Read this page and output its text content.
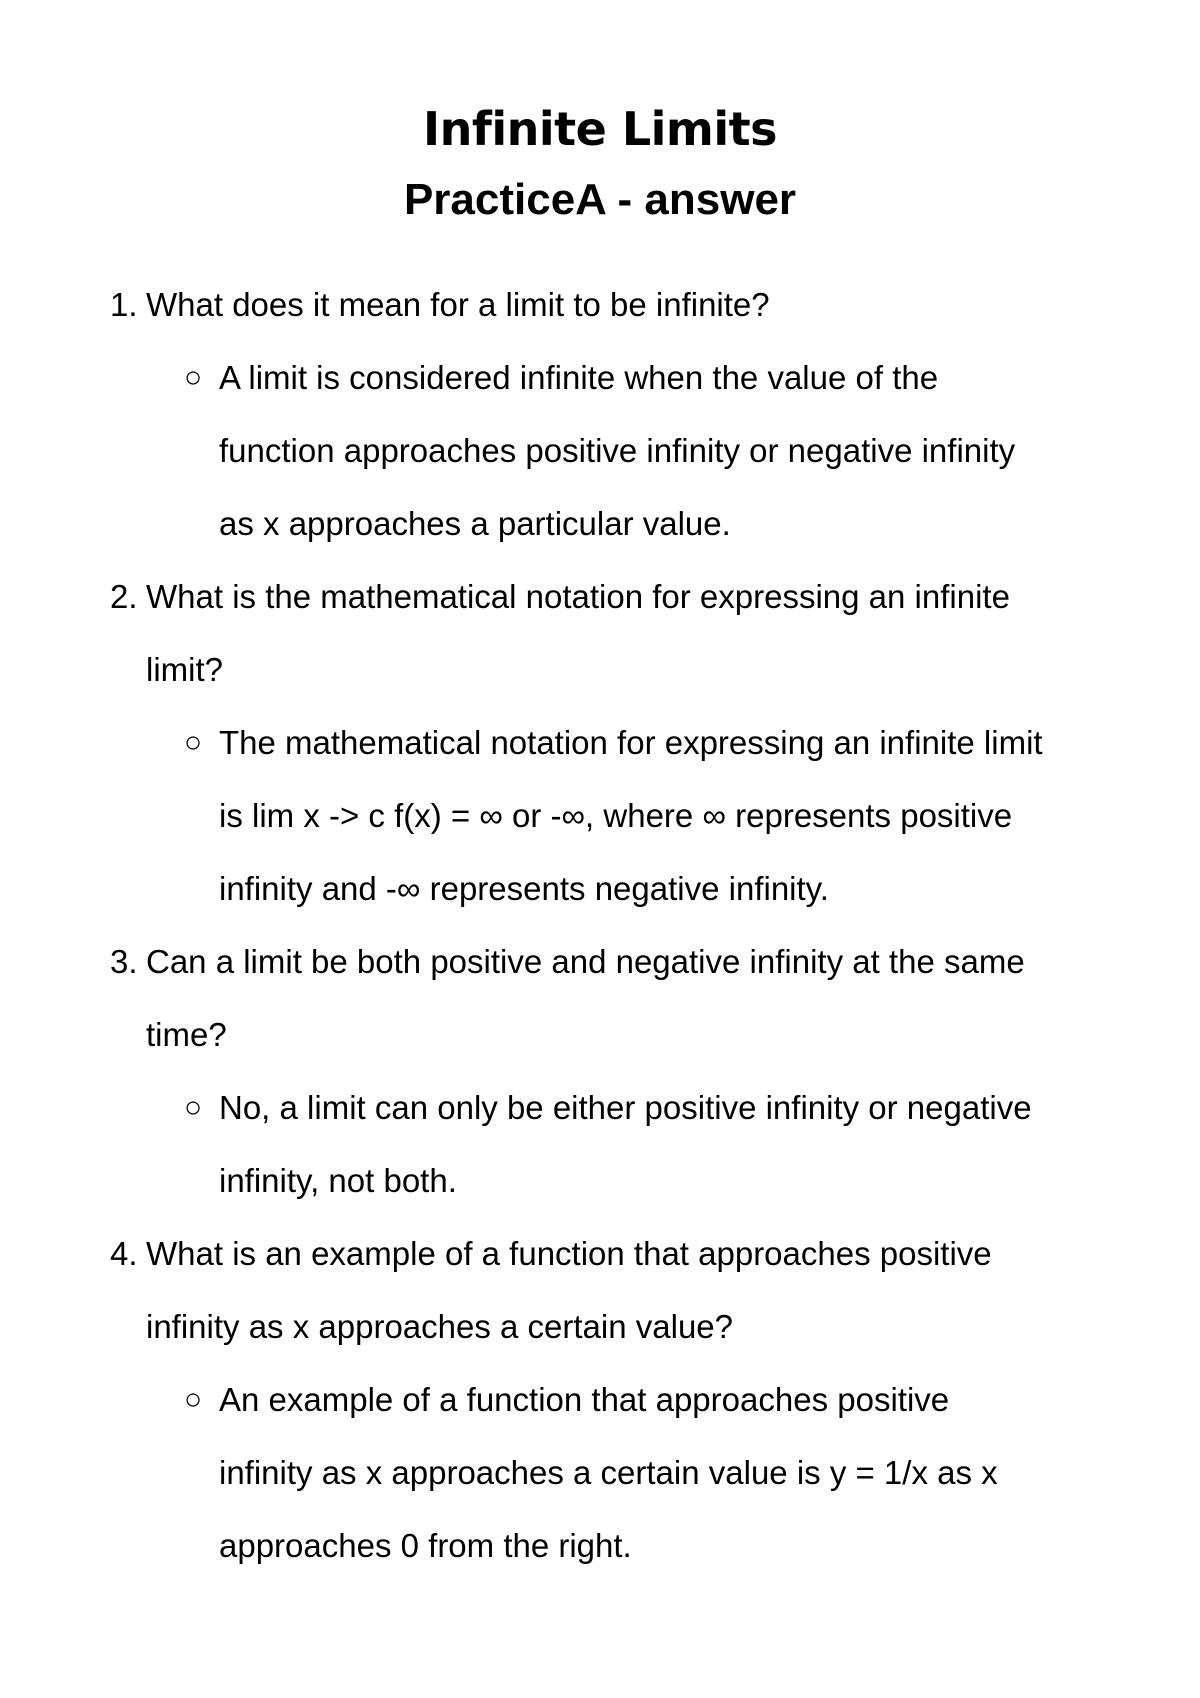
Infinite Limits
PracticeA - answer
1. What does it mean for a limit to be infinite?
○ A limit is considered infinite when the value of the
function approaches positive infinity or negative infinity
as x approaches a particular value.
2. What is the mathematical notation for expressing an infinite
limit?
○ The mathematical notation for expressing an infinite limit
is lim x -> c f(x) = ∞ or -∞, where ∞ represents positive
infinity and -∞ represents negative infinity.
3. Can a limit be both positive and negative infinity at the same
time?
○ No, a limit can only be either positive infinity or negative
infinity, not both.
4. What is an example of a function that approaches positive
infinity as x approaches a certain value?
○ An example of a function that approaches positive
infinity as x approaches a certain value is y = 1/x as x
approaches 0 from the right.
